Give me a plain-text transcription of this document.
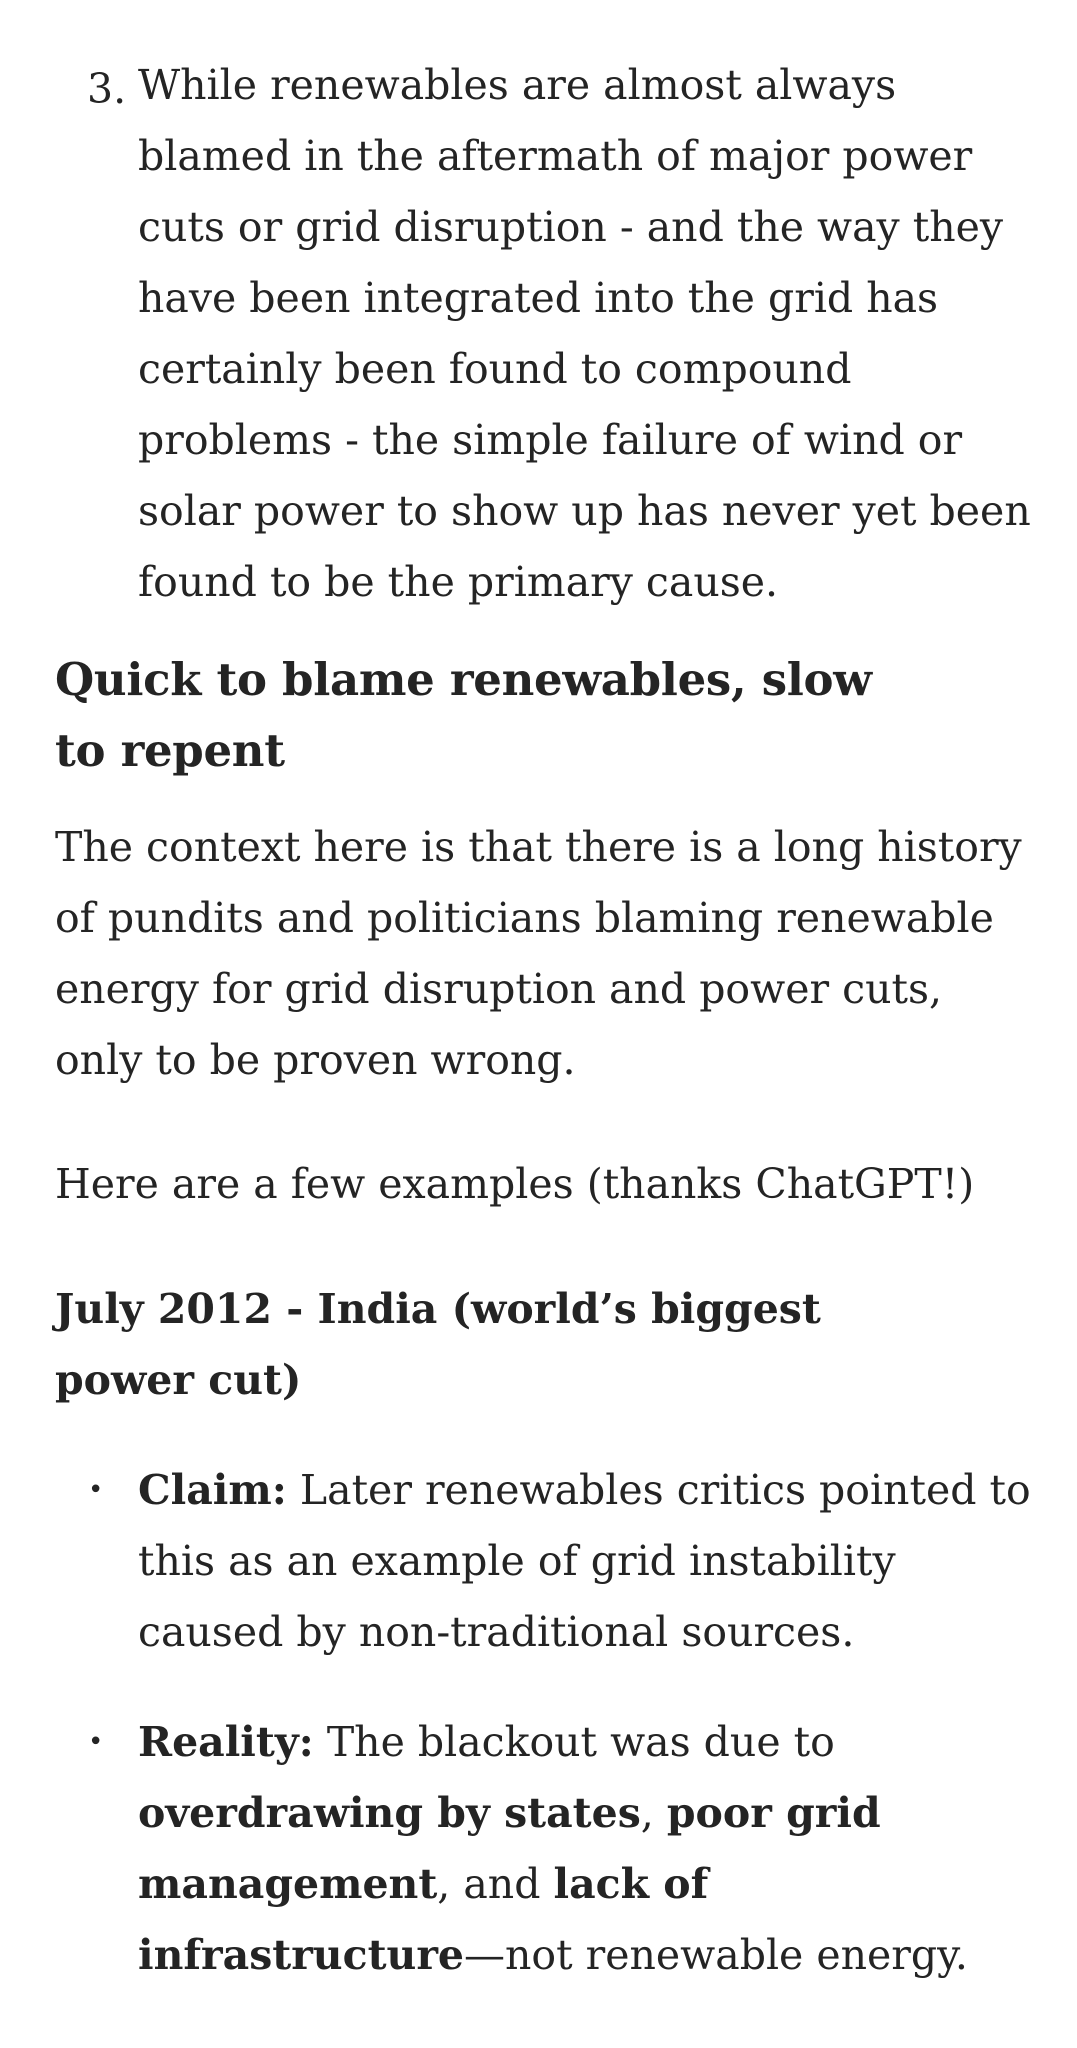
3. While renewables are almost always blamed in the aftermath of major power cuts or grid disruption - and the way they have been integrated into the grid has certainly been found to compound problems - the simple failure of wind or solar power to show up has never yet been found to be the primary cause.
Quick to blame renewables, slow to repent

The context here is that there is a long history of pundits and politicians blaming renewable energy for grid disruption and power cuts, only to be proven wrong.

Here are a few examples (thanks ChatGPT!)

July 2012 - India (world’s biggest power cut)
• Claim: Later renewables critics pointed to this as an example of grid instability caused by non-traditional sources.
• Reality: The blackout was due to overdrawing by states, poor grid management, and lack of infrastructure—not renewable energy.
